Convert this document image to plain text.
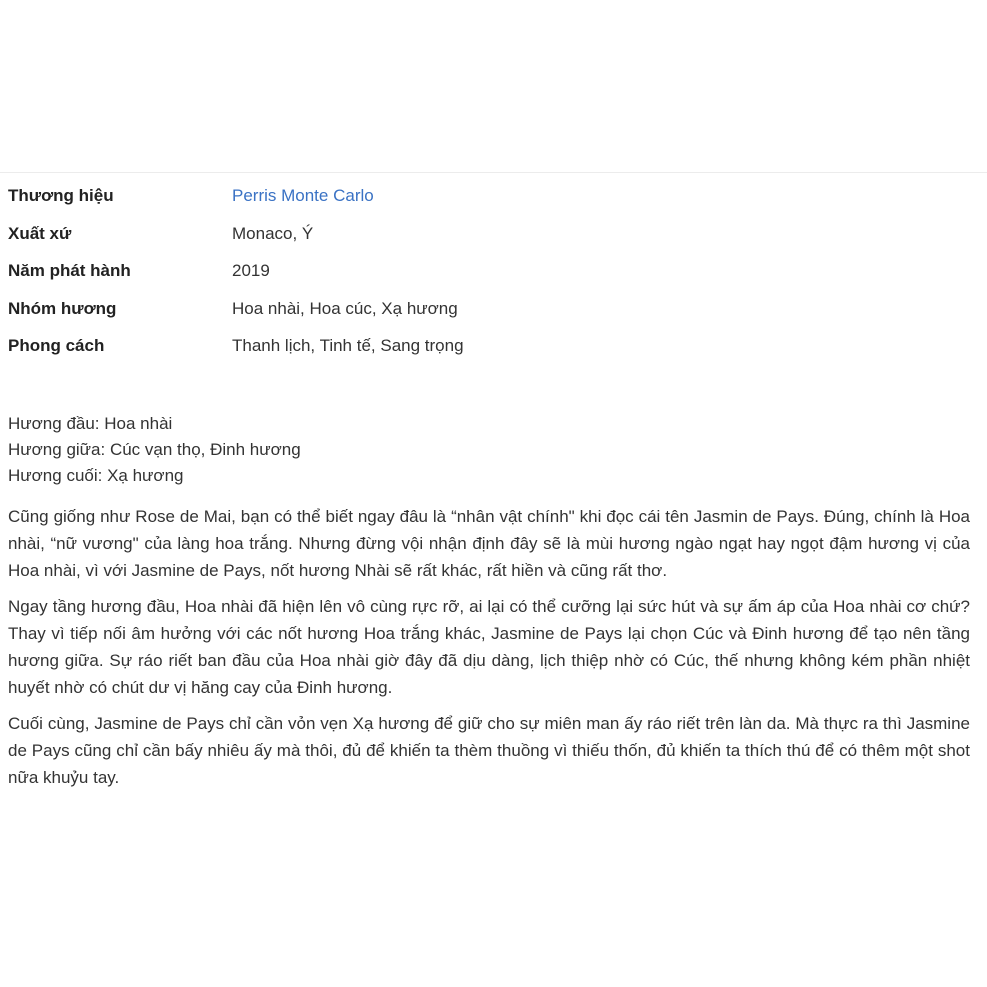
Thương hiệu	Perris Monte Carlo
Xuất xứ	Monaco, Ý
Năm phát hành	2019
Nhóm hương	Hoa nhài, Hoa cúc, Xạ hương
Phong cách	Thanh lịch, Tinh tế, Sang trọng
Hương đầu: Hoa nhài
Hương giữa: Cúc vạn thọ, Đinh hương
Hương cuối: Xạ hương

Cũng giống như Rose de Mai, bạn có thể biết ngay đâu là “nhân vật chính" khi đọc cái tên Jasmin de Pays. Đúng, chính là Hoa nhài, “nữ vương" của làng hoa trắng. Nhưng đừng vội nhận định đây sẽ là mùi hương ngào ngạt hay ngọt đậm hương vị của Hoa nhài, vì với Jasmine de Pays, nốt hương Nhài sẽ rất khác, rất hiền và cũng rất thơ.

Ngay tầng hương đầu, Hoa nhài đã hiện lên vô cùng rực rỡ, ai lại có thể cưỡng lại sức hút và sự ấm áp của Hoa nhài cơ chứ? Thay vì tiếp nối âm hưởng với các nốt hương Hoa trắng khác, Jasmine de Pays lại chọn Cúc và Đinh hương để tạo nên tầng hương giữa. Sự ráo riết ban đầu của Hoa nhài giờ đây đã dịu dàng, lịch thiệp nhờ có Cúc, thế nhưng không kém phần nhiệt huyết nhờ có chút dư vị hăng cay của Đinh hương.

Cuối cùng, Jasmine de Pays chỉ cần vỏn vẹn Xạ hương để giữ cho sự miên man ấy ráo riết trên làn da. Mà thực ra thì Jasmine de Pays cũng chỉ cần bấy nhiêu ấy mà thôi, đủ để khiến ta thèm thuồng vì thiếu thốn, đủ khiến ta thích thú để có thêm một shot nữa khuỷu tay.
